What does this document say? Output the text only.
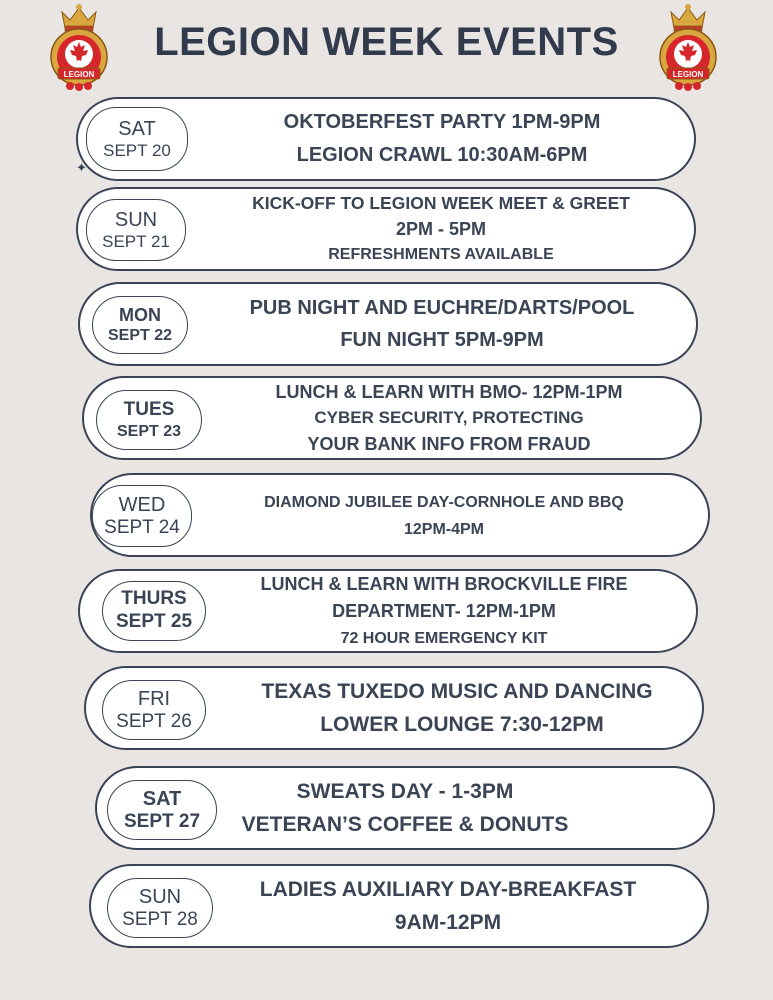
LEGION	LEGION
LEGION WEEK EVENTS
SAT
SEPT 20
OKTOBERFEST PARTY 1PM-9PM
LEGION CRAWL 10:30AM-6PM
✦
SUN
SEPT 21
KICK-OFF TO LEGION WEEK MEET & GREET
2PM - 5PM
REFRESHMENTS AVAILABLE
MON
SEPT 22
PUB NIGHT AND EUCHRE/DARTS/POOL
FUN NIGHT 5PM-9PM
TUES
SEPT 23
LUNCH & LEARN WITH BMO- 12PM-1PM
CYBER SECURITY, PROTECTING
YOUR BANK INFO FROM FRAUD
WED
SEPT 24
DIAMOND JUBILEE DAY-CORNHOLE AND BBQ
12PM-4PM
THURS
SEPT 25
LUNCH & LEARN WITH BROCKVILLE FIRE
DEPARTMENT- 12PM-1PM
72 HOUR EMERGENCY KIT
FRI
SEPT 26
TEXAS TUXEDO MUSIC AND DANCING
LOWER LOUNGE 7:30-12PM
SAT
SEPT 27
SWEATS DAY - 1-3PM
VETERAN’S COFFEE & DONUTS
SUN
SEPT 28
LADIES AUXILIARY DAY-BREAKFAST
9AM-12PM
